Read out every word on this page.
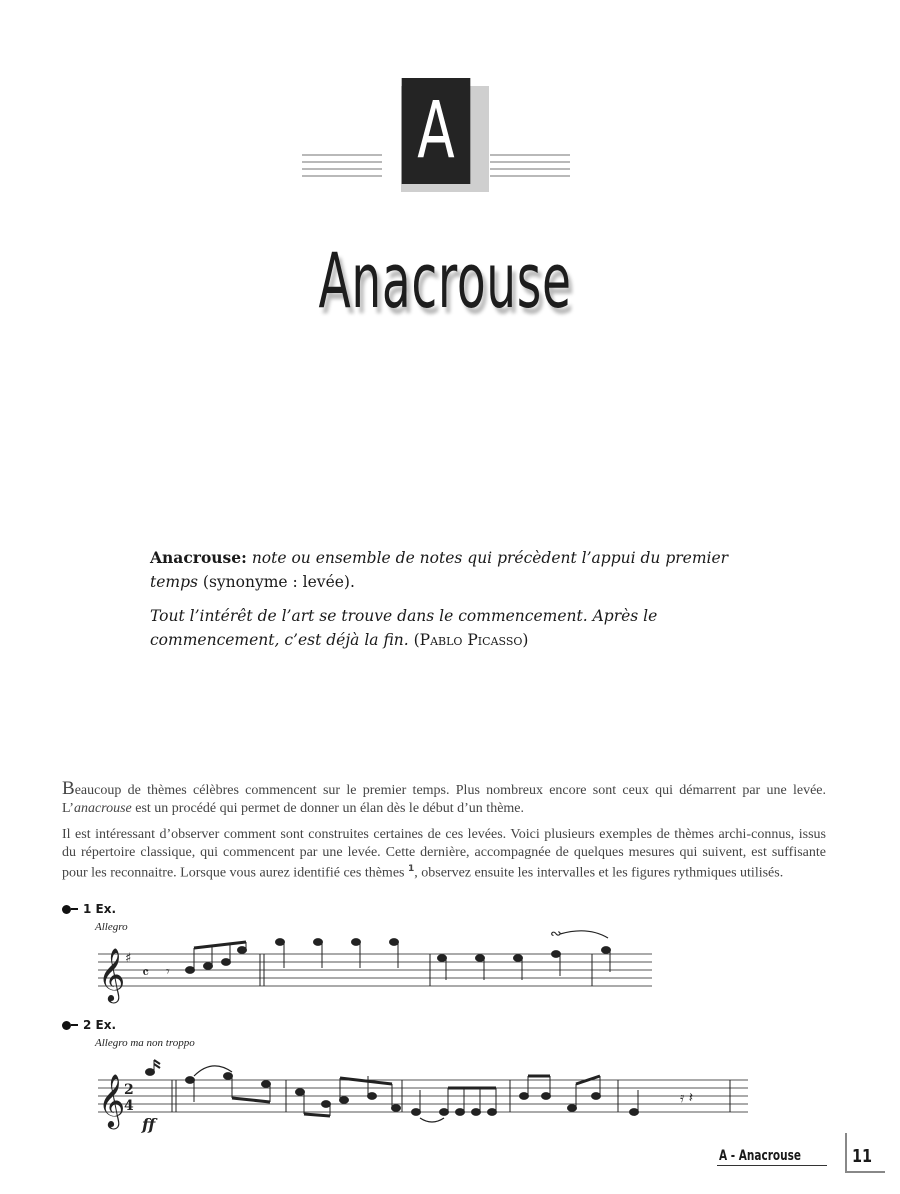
A
Anacrouse
Anacrouse: note ou ensemble de notes qui précèdent l’appui du premier temps (synonyme : levée).
Tout l’intérêt de l’art se trouve dans le commencement. Après le commencement, c’est déjà la fin. (Pablo Picasso)
Beaucoup de thèmes célèbres commencent sur le premier temps. Plus nombreux encore sont ceux qui démarrent par une levée. L’anacrouse est un procédé qui permet de donner un élan dès le début d’un thème.
Il est intéressant d’observer comment sont construites certaines de ces levées. Voici plusieurs exemples de thèmes archi-connus, issus du répertoire classique, qui commencent par une levée. Cette dernière, accompagnée de quelques mesures qui suivent, est suffisante pour les reconnaitre. Lorsque vous aurez identifié ces thèmes $^1$, observez ensuite les intervalles et les figures rythmiques utilisés.
1 Ex.
Allegro
𝄞 ♯
𝄴 𝄾
∾
2 Ex.
Allegro ma non troppo
𝄞
2
4
ff
𝄿 𝄽
A - Anacrouse	11
